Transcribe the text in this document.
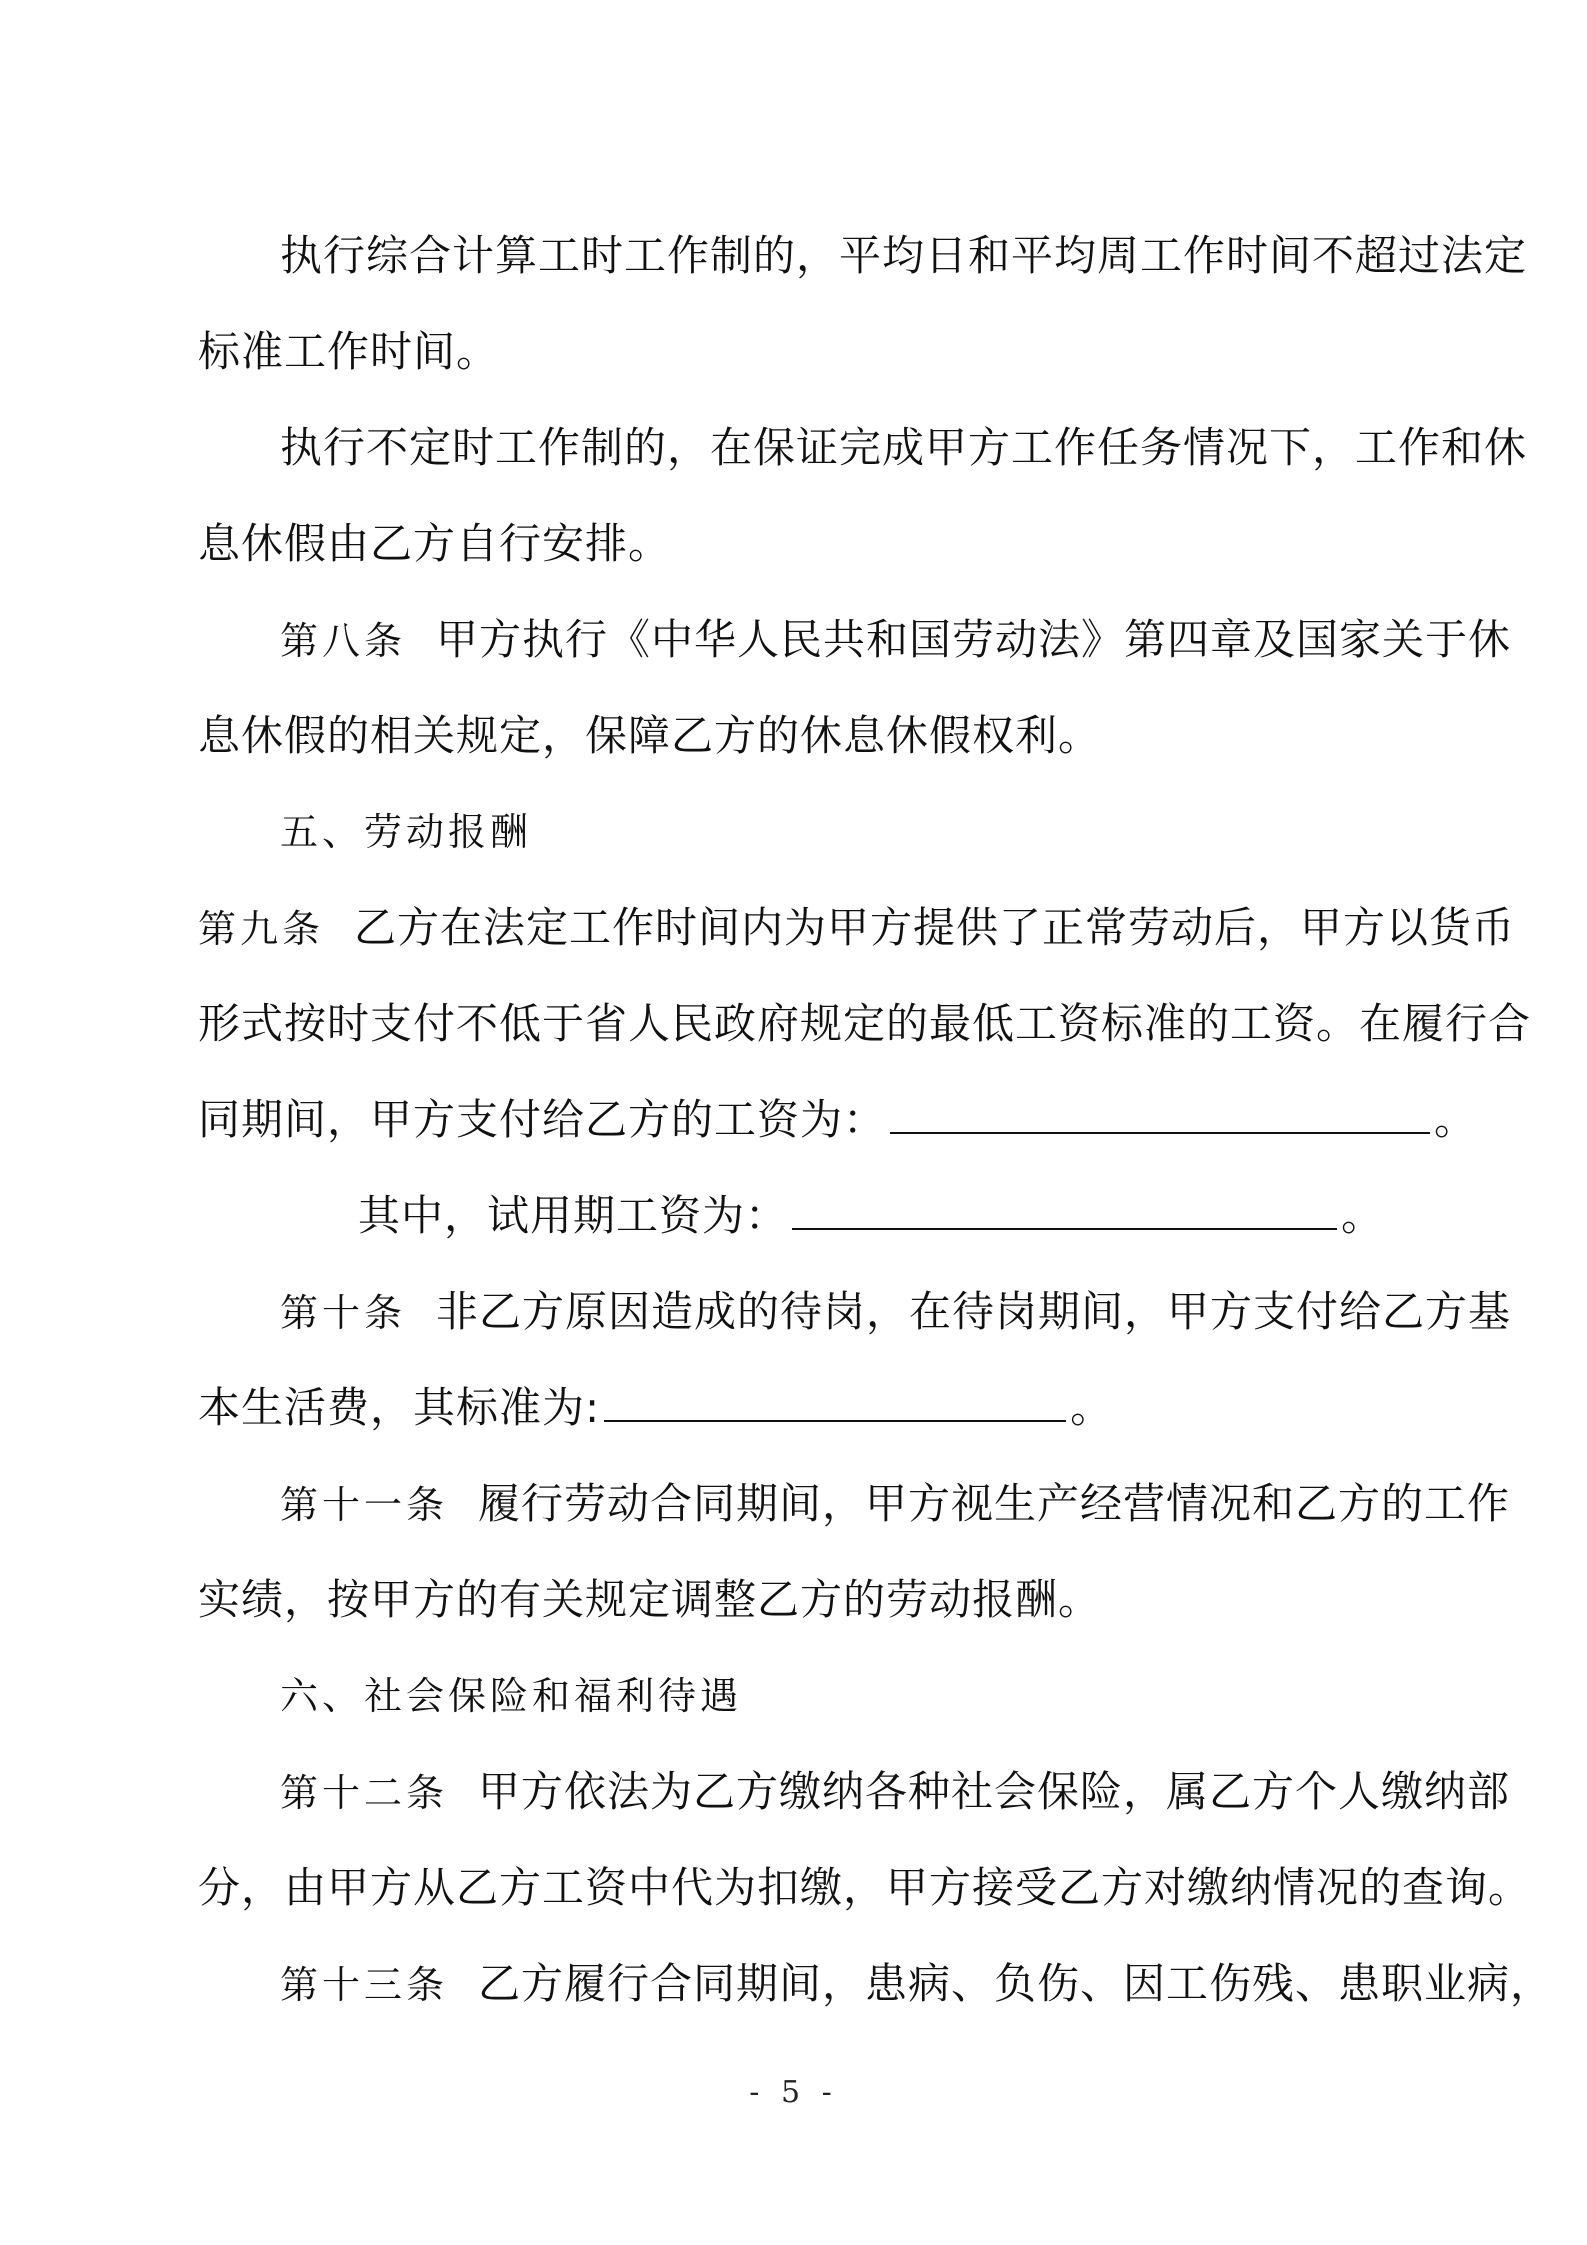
执行综合计算工时工作制的，平均日和平均周工作时间不超过法定
标准工作时间。
执行不定时工作制的，在保证完成甲方工作任务情况下，工作和休
息休假由乙方自行安排。
第八条 甲方执行《中华人民共和国劳动法》第四章及国家关于休
息休假的相关规定，保障乙方的休息休假权利。
五、劳动报酬
第九条 乙方在法定工作时间内为甲方提供了正常劳动后，甲方以货币
形式按时支付不低于省人民政府规定的最低工资标准的工资。在履行合
同期间，甲方支付给乙方的工资为：	。
其中，试用期工资为：	。
第十条 非乙方原因造成的待岗，在待岗期间，甲方支付给乙方基
本生活费，其标准为:	。
第十一条 履行劳动合同期间，甲方视生产经营情况和乙方的工作
实绩，按甲方的有关规定调整乙方的劳动报酬。
六、社会保险和福利待遇
第十二条 甲方依法为乙方缴纳各种社会保险，属乙方个人缴纳部
分，由甲方从乙方工资中代为扣缴，甲方接受乙方对缴纳情况的查询。
第十三条 乙方履行合同期间，患病、负伤、因工伤残、患职业病，
- 5 -
